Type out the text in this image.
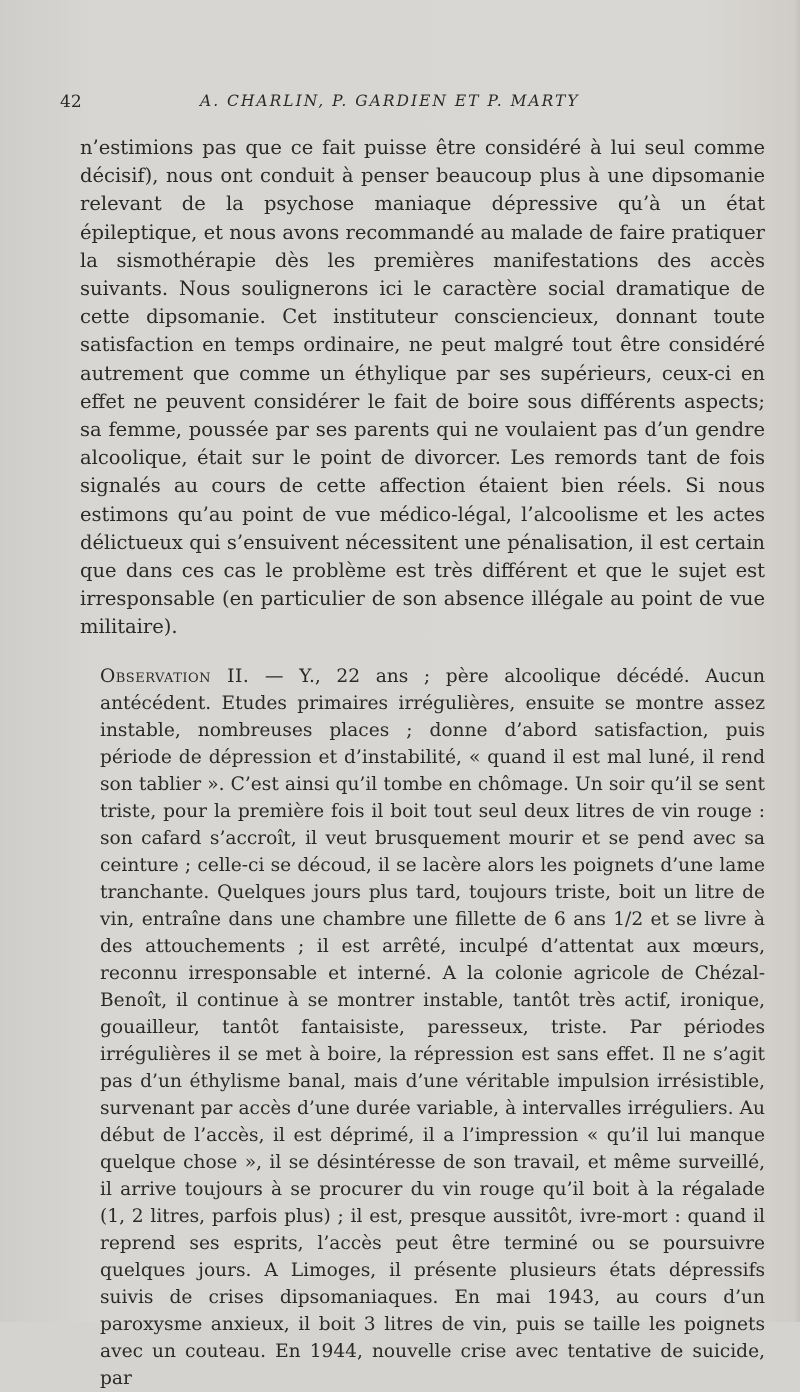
42	A. CHARLIN, P. GARDIEN ET P. MARTY

n’estimions pas que ce fait puisse être considéré à lui seul comme décisif), nous ont conduit à penser beaucoup plus à une dipsomanie relevant de la psychose maniaque dépressive qu’à un état épileptique, et nous avons recommandé au malade de faire pratiquer la sismothérapie dès les premières manifestations des accès suivants. Nous soulignerons ici le caractère social dramatique de cette dipsomanie. Cet instituteur consciencieux, donnant toute satisfaction en temps ordinaire, ne peut malgré tout être considéré autrement que comme un éthylique par ses supérieurs, ceux-ci en effet ne peuvent considérer le fait de boire sous différents aspects; sa femme, poussée par ses parents qui ne voulaient pas d’un gendre alcoolique, était sur le point de divorcer. Les remords tant de fois signalés au cours de cette affection étaient bien réels. Si nous estimons qu’au point de vue médico-légal, l’alcoolisme et les actes délictueux qui s’ensuivent nécessitent une pénalisation, il est certain que dans ces cas le problème est très différent et que le sujet est irresponsable (en particulier de son absence illégale au point de vue militaire).

Observation II. — Y., 22 ans ; père alcoolique décédé. Aucun antécédent. Etudes primaires irrégulières, ensuite se montre assez instable, nombreuses places ; donne d’abord satisfaction, puis période de dépression et d’instabilité, « quand il est mal luné, il rend son tablier ». C’est ainsi qu’il tombe en chômage. Un soir qu’il se sent triste, pour la première fois il boit tout seul deux litres de vin rouge : son cafard s’accroît, il veut brusquement mourir et se pend avec sa ceinture ; celle-ci se découd, il se lacère alors les poignets d’une lame tranchante. Quelques jours plus tard, toujours triste, boit un litre de vin, entraîne dans une chambre une fillette de 6 ans 1/2 et se livre à des attouchements ; il est arrêté, inculpé d’attentat aux mœurs, reconnu irresponsable et interné. A la colonie agricole de Chézal-Benoît, il continue à se montrer instable, tantôt très actif, ironique, gouailleur, tantôt fantaisiste, paresseux, triste. Par périodes irrégulières il se met à boire, la répression est sans effet. Il ne s’agit pas d’un éthylisme banal, mais d’une véritable impulsion irrésistible, survenant par accès d’une durée variable, à intervalles irréguliers. Au début de l’accès, il est déprimé, il a l’impression « qu’il lui manque quelque chose », il se désintéresse de son travail, et même surveillé, il arrive toujours à se procurer du vin rouge qu’il boit à la régalade (1, 2 litres, parfois plus) ; il est, presque aussitôt, ivre-mort : quand il reprend ses esprits, l’accès peut être terminé ou se poursuivre quelques jours. A Limoges, il présente plusieurs états dépressifs suivis de crises dipsomaniaques. En mai 1943, au cours d’un paroxysme anxieux, il boit 3 litres de vin, puis se taille les poignets avec un couteau. En 1944, nouvelle crise avec tentative de suicide, par
